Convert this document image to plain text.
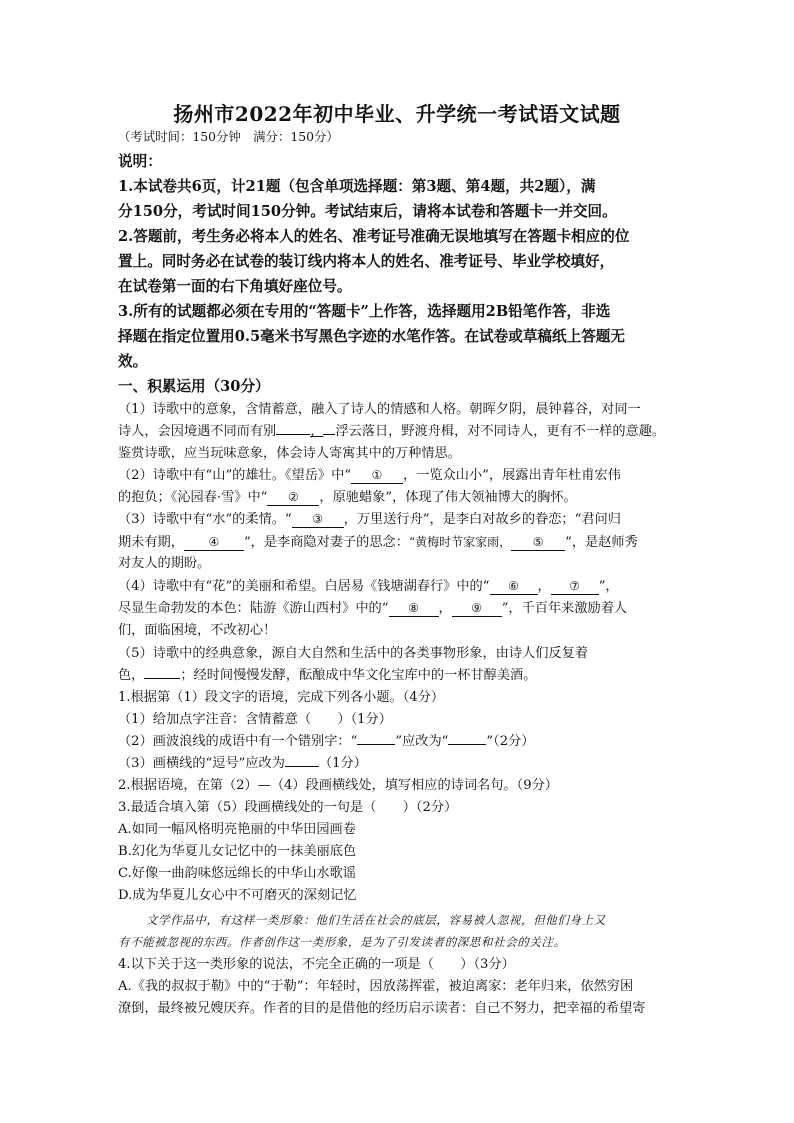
扬州市2022年初中毕业、升学统一考试语文试题
（考试时间：150分钟　满分：150分）
说明：
1.本试卷共6页，计21题（包含单项选择题：第3题、第4题，共2题），满
分150分，考试时间150分钟。考试结束后，请将本试卷和答题卡一并交回。
2.答题前，考生务必将本人的姓名、准考证号准确无误地填写在答题卡相应的位
置上。同时务必在试卷的装订线内将本人的姓名、准考证号、毕业学校填好，
在试卷第一面的右下角填好座位号。
3.所有的试题都必须在专用的“答题卡”上作答，选择题用2B铅笔作答，非选
择题在指定位置用0.5毫米书写黑色字迹的水笔作答。在试卷或草稿纸上答题无
效。
一、积累运用（30分）
（1）诗歌中的意象，含情蓄意，融入了诗人的情感和人格。朝晖夕阴，晨钟暮谷，对同一
诗人，会因境遇不同而有别	， 浮云落日，野渡舟楫，对不同诗人，更有不一样的意趣。
鉴赏诗歌，应当玩味意象，体会诗人寄寓其中的万种情思。
（2）诗歌中有“山”的雄壮。《望岳》中“ ① ，一览众山小”，展露出青年杜甫宏伟
的抱负；《沁园春·雪》中“ ② ，原驰蜡象”，体现了伟大领袖博大的胸怀。
（3）诗歌中有“水”的柔情。“ ③ ，万里送行舟”，是李白对故乡的眷恋；“君问归
期未有期， ④ ”，是李商隐对妻子的思念：“黄梅时节家家雨， ⑤ ”，是赵师秀
对友人的期盼。
（4）诗歌中有“花”的美丽和希望。白居易《钱塘湖春行》中的“ ⑥ ， ⑦ ”，
尽显生命勃发的本色：陆游《游山西村》中的“ ⑧ ， ⑨ ”，千百年来激励着人
们，面临困境，不改初心！
（5）诗歌中的经典意象，源自大自然和生活中的各类事物形象，由诗人们反复着
色，	；经时间慢慢发酵，酝酿成中华文化宝库中的一杯甘醇美酒。
1.根据第（1）段文字的语境，完成下列各小题。（4分）
（1）给加点字注音：含情蓄意（　　）（1分）
（2）画波浪线的成语中有一个错别字：“	”应改为“	”（2分）
（3）画横线的“逗号”应改为	（1分）
2.根据语境，在第（2）—（4）段画横线处，填写相应的诗词名句。（9分）
3.最适合填入第（5）段画横线处的一句是（　　）（2分）
A.如同一幅风格明亮艳丽的中华田园画卷
B.幻化为华夏儿女记忆中的一抹美丽底色
C.好像一曲韵味悠远绵长的中华山水歌谣
D.成为华夏儿女心中不可磨灭的深刻记忆
文学作品中，有这样一类形象：他们生活在社会的底层，容易被人忽视，但他们身上又
有不能被忽视的东西。作者创作这一类形象，是为了引发读者的深思和社会的关注。
4.以下关于这一类形象的说法，不完全正确的一项是（　　）（3分）
A.《我的叔叔于勒》中的“于勒”：年轻时，因放荡挥霍，被迫离家：老年归来，依然穷困
潦倒，最终被兄嫂厌弃。作者的目的是借他的经历启示读者：自己不努力，把幸福的希望寄
